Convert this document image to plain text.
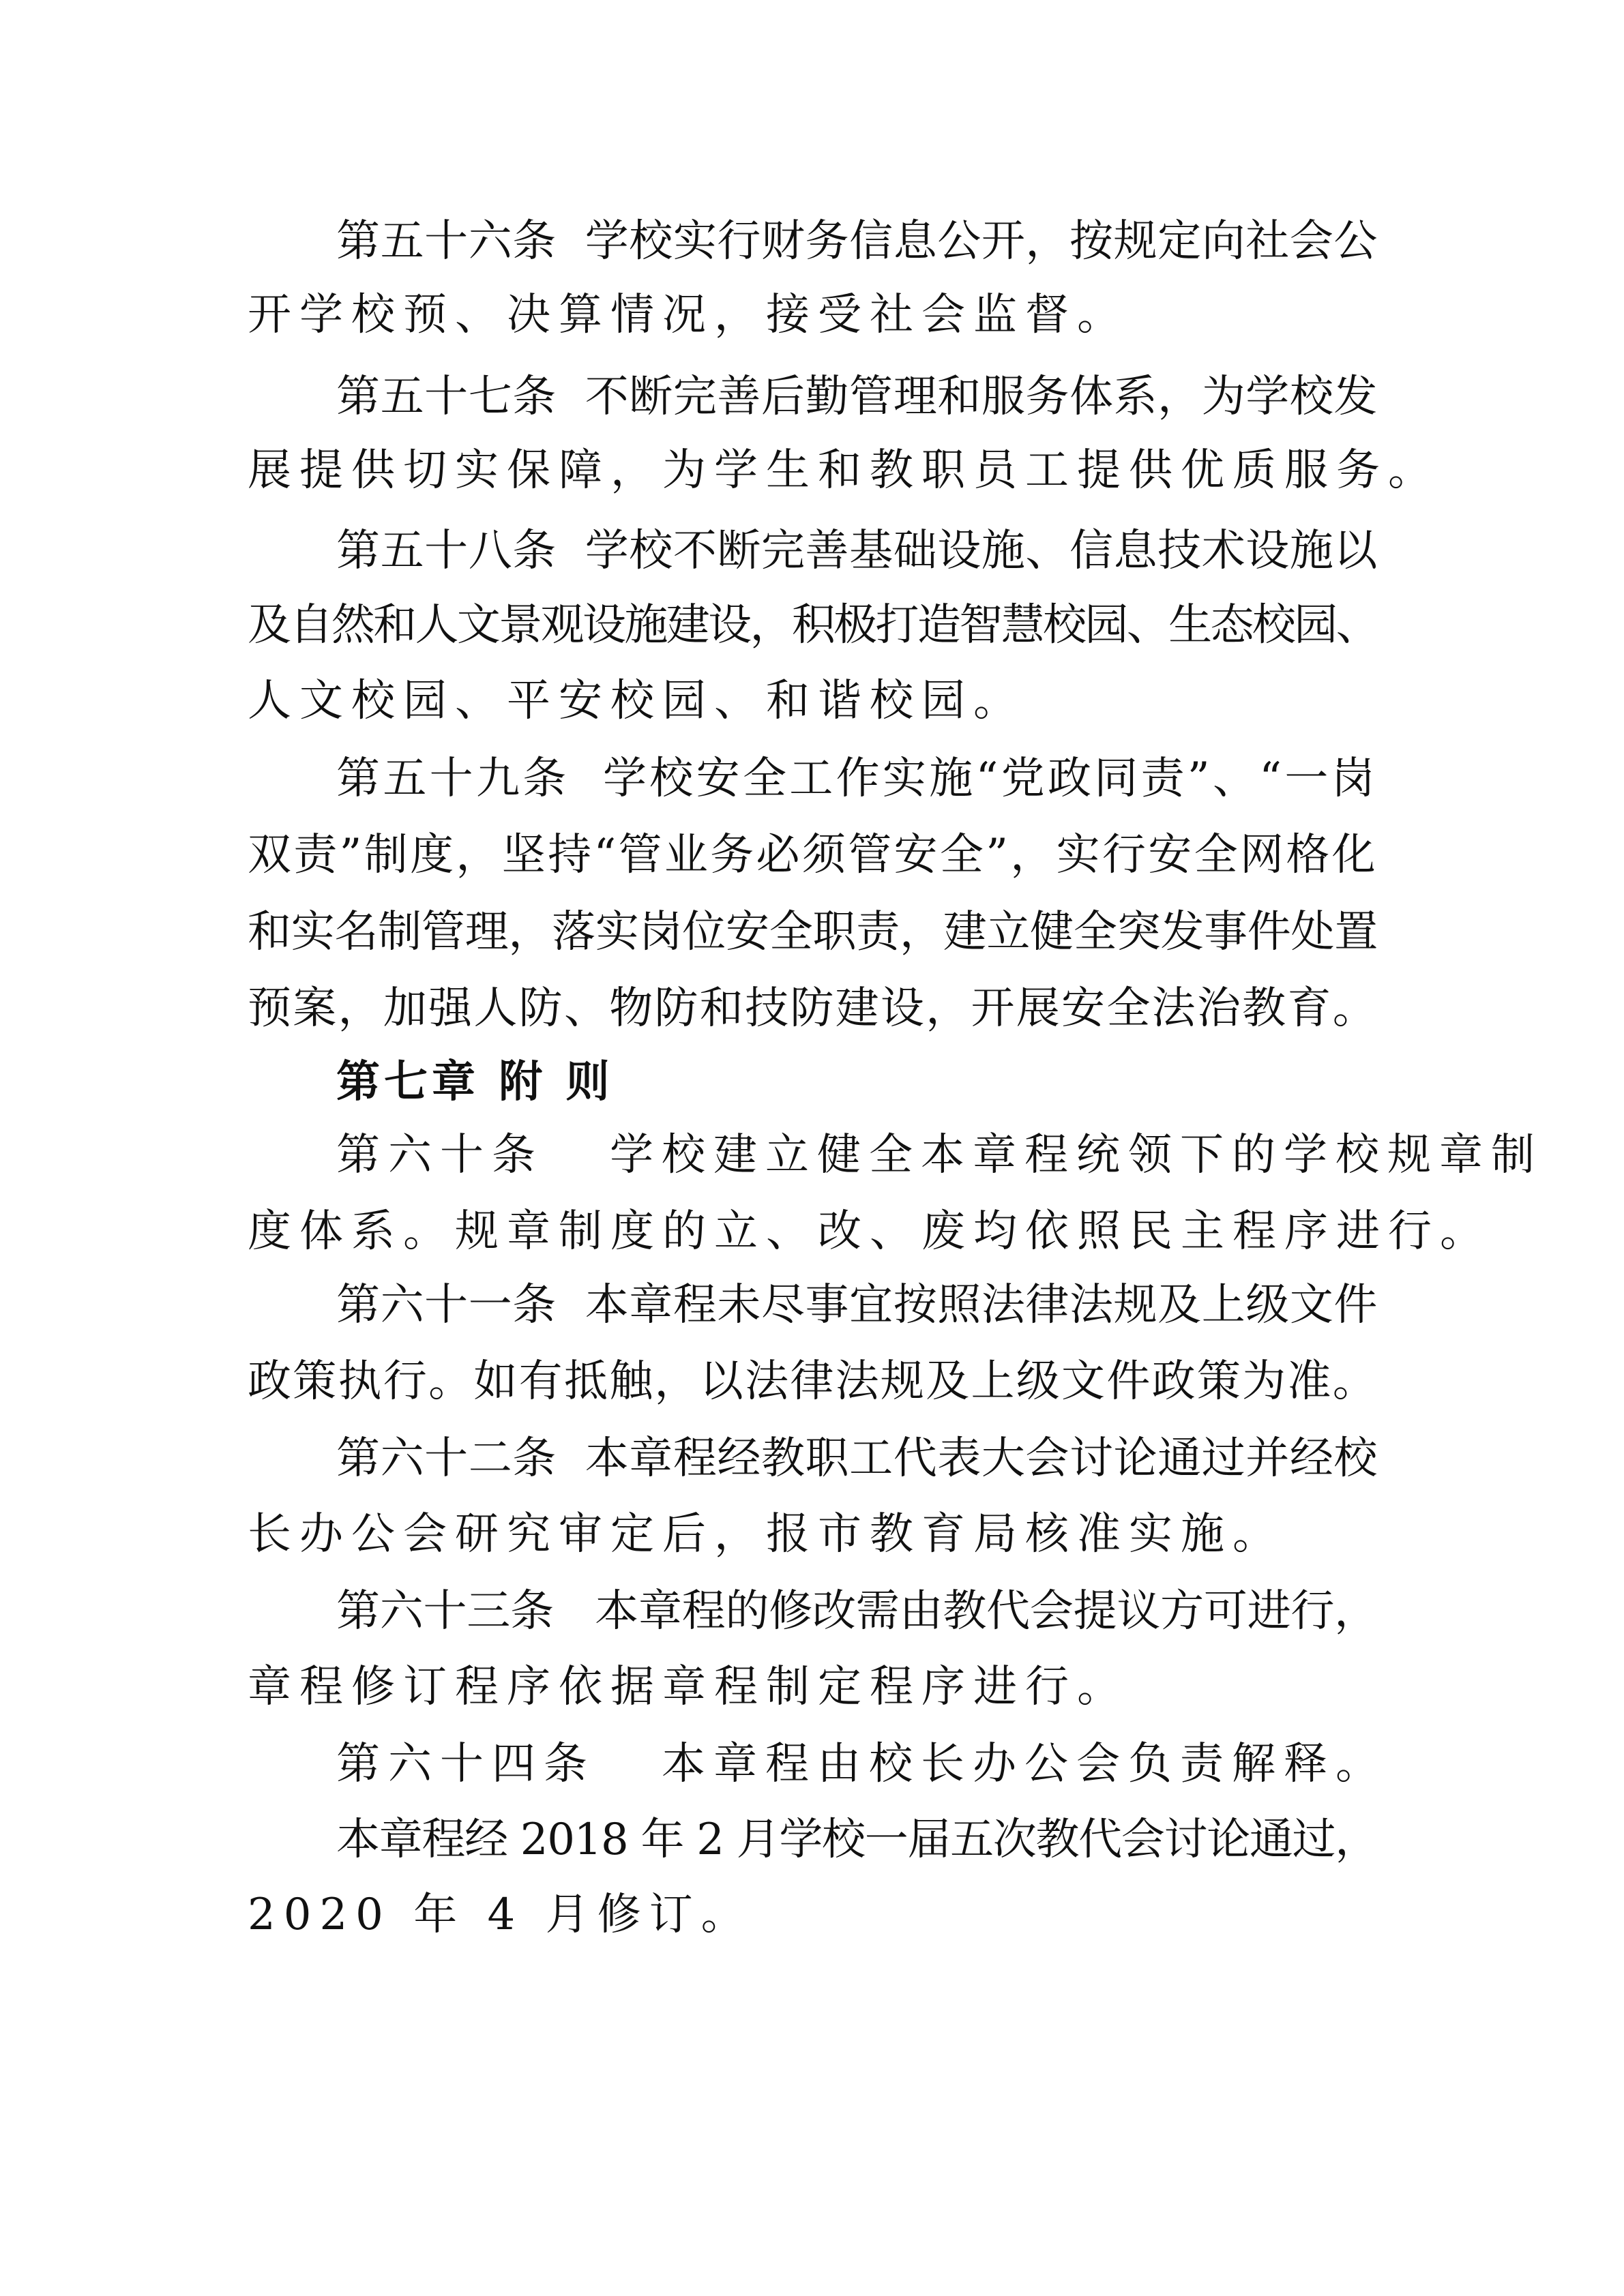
第五十六条  学校实行财务信息公开，按规定向社会公
开学校预、决算情况，接受社会监督。
第五十七条  不断完善后勤管理和服务体系，为学校发
展提供切实保障，为学生和教职员工提供优质服务。
第五十八条  学校不断完善基础设施、信息技术设施以
及自然和人文景观设施建设，积极打造智慧校园、生态校园、
人文校园、平安校园、和谐校园。
第五十九条  学校安全工作实施“党政同责”、“一岗
双责”制度，坚持“管业务必须管安全”，实行安全网格化
和实名制管理，落实岗位安全职责，建立健全突发事件处置
预案，加强人防、物防和技防建设，开展安全法治教育。
第七章 附 则
第六十条   学校建立健全本章程统领下的学校规章制
度体系。规章制度的立、改、废均依照民主程序进行。
第六十一条  本章程未尽事宜按照法律法规及上级文件
政策执行。如有抵触，以法律法规及上级文件政策为准。
第六十二条  本章程经教职工代表大会讨论通过并经校
长办公会研究审定后，报市教育局核准实施。
第六十三条   本章程的修改需由教代会提议方可进行，
章程修订程序依据章程制定程序进行。
第六十四条   本章程由校长办公会负责解释。
本章程经 2018 年 2 月学校一届五次教代会讨论通过，
2020 年 4 月修订。
